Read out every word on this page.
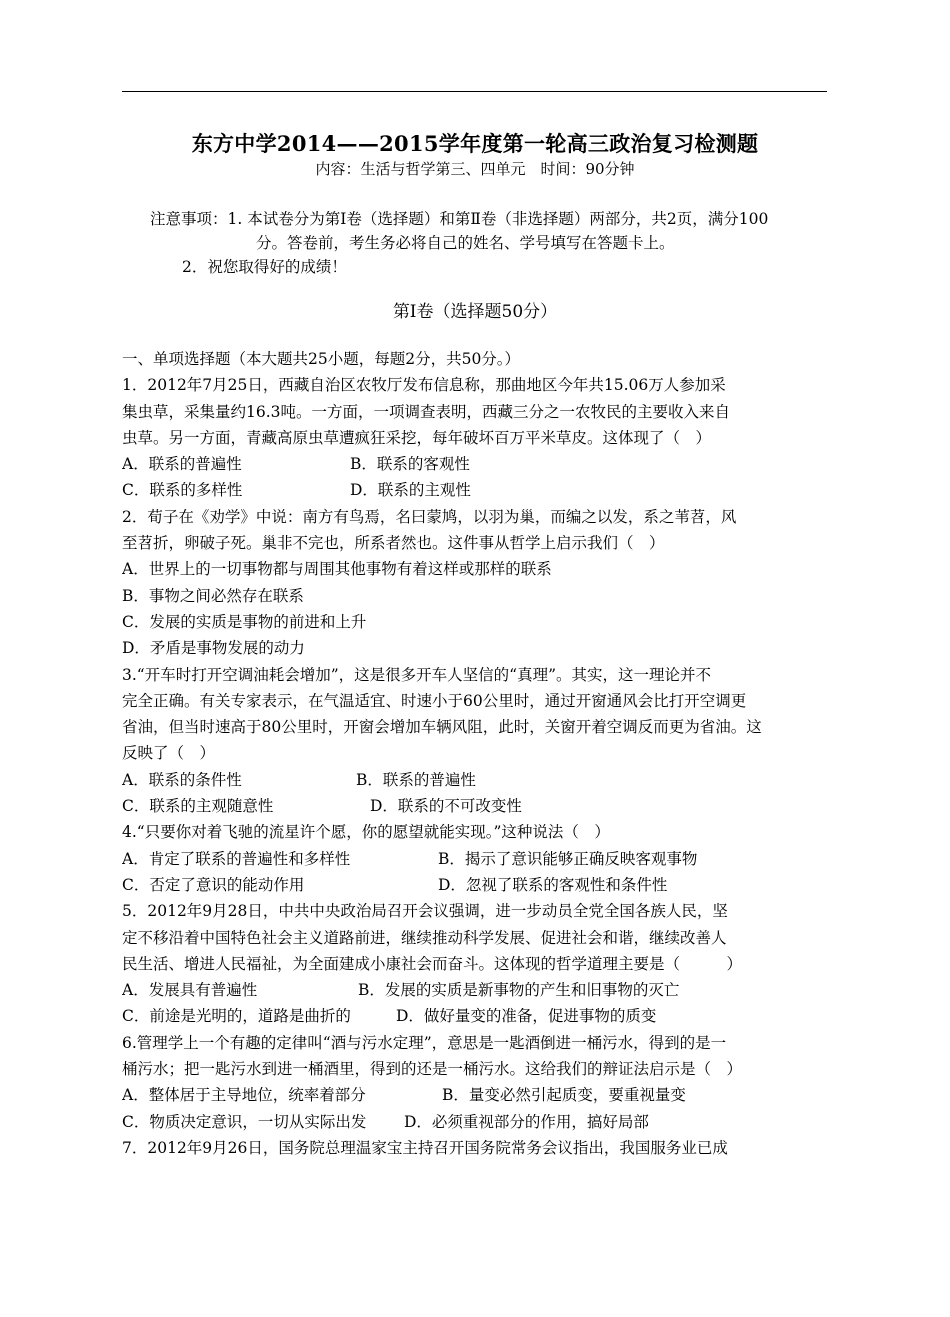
东方中学2014——2015学年度第一轮高三政治复习检测题
内容：生活与哲学第三、四单元　时间：90分钟
注意事项：1. 本试卷分为第Ⅰ卷（选择题）和第Ⅱ卷（非选择题）两部分，共2页，满分100
分。答卷前，考生务必将自己的姓名、学号填写在答题卡上。
2．祝您取得好的成绩！
第Ⅰ卷（选择题50分）
一、单项选择题（本大题共25小题，每题2分，共50分。）
1．2012年7月25日，西藏自治区农牧厅发布信息称，那曲地区今年共15.06万人参加采
集虫草，采集量约16.3吨。一方面，一项调查表明，西藏三分之一农牧民的主要收入来自
虫草。另一方面，青藏高原虫草遭疯狂采挖，每年破坏百万平米草皮。这体现了（　）
A．联系的普遍性	B．联系的客观性
C．联系的多样性	D．联系的主观性
2．荀子在《劝学》中说：南方有鸟焉，名曰蒙鸠，以羽为巢，而编之以发，系之苇苕，风
至苕折，卵破子死。巢非不完也，所系者然也。这件事从哲学上启示我们（　）
A．世界上的一切事物都与周围其他事物有着这样或那样的联系
B．事物之间必然存在联系
C．发展的实质是事物的前进和上升
D．矛盾是事物发展的动力
3.“开车时打开空调油耗会增加”，这是很多开车人坚信的“真理”。其实，这一理论并不
完全正确。有关专家表示，在气温适宜、时速小于60公里时，通过开窗通风会比打开空调更
省油，但当时速高于80公里时，开窗会增加车辆风阻，此时，关窗开着空调反而更为省油。这
反映了（　）
A．联系的条件性	B．联系的普遍性
C．联系的主观随意性	D．联系的不可改变性
4.“只要你对着飞驰的流星许个愿，你的愿望就能实现。”这种说法（　）
A．肯定了联系的普遍性和多样性	B．揭示了意识能够正确反映客观事物
C．否定了意识的能动作用	D．忽视了联系的客观性和条件性
5．2012年9月28日，中共中央政治局召开会议强调，进一步动员全党全国各族人民，坚
定不移沿着中国特色社会主义道路前进，继续推动科学发展、促进社会和谐，继续改善人
民生活、增进人民福祉，为全面建成小康社会而奋斗。这体现的哲学道理主要是（　　　）
A．发展具有普遍性	B．发展的实质是新事物的产生和旧事物的灭亡
C．前途是光明的，道路是曲折的	D．做好量变的准备，促进事物的质变
6.管理学上一个有趣的定律叫“酒与污水定理”，意思是一匙酒倒进一桶污水，得到的是一
桶污水；把一匙污水到进一桶酒里，得到的还是一桶污水。这给我们的辩证法启示是（　）
A．整体居于主导地位，统率着部分	B．量变必然引起质变，要重视量变
C．物质决定意识，一切从实际出发 D．必须重视部分的作用，搞好局部
7．2012年9月26日，国务院总理温家宝主持召开国务院常务会议指出，我国服务业已成
